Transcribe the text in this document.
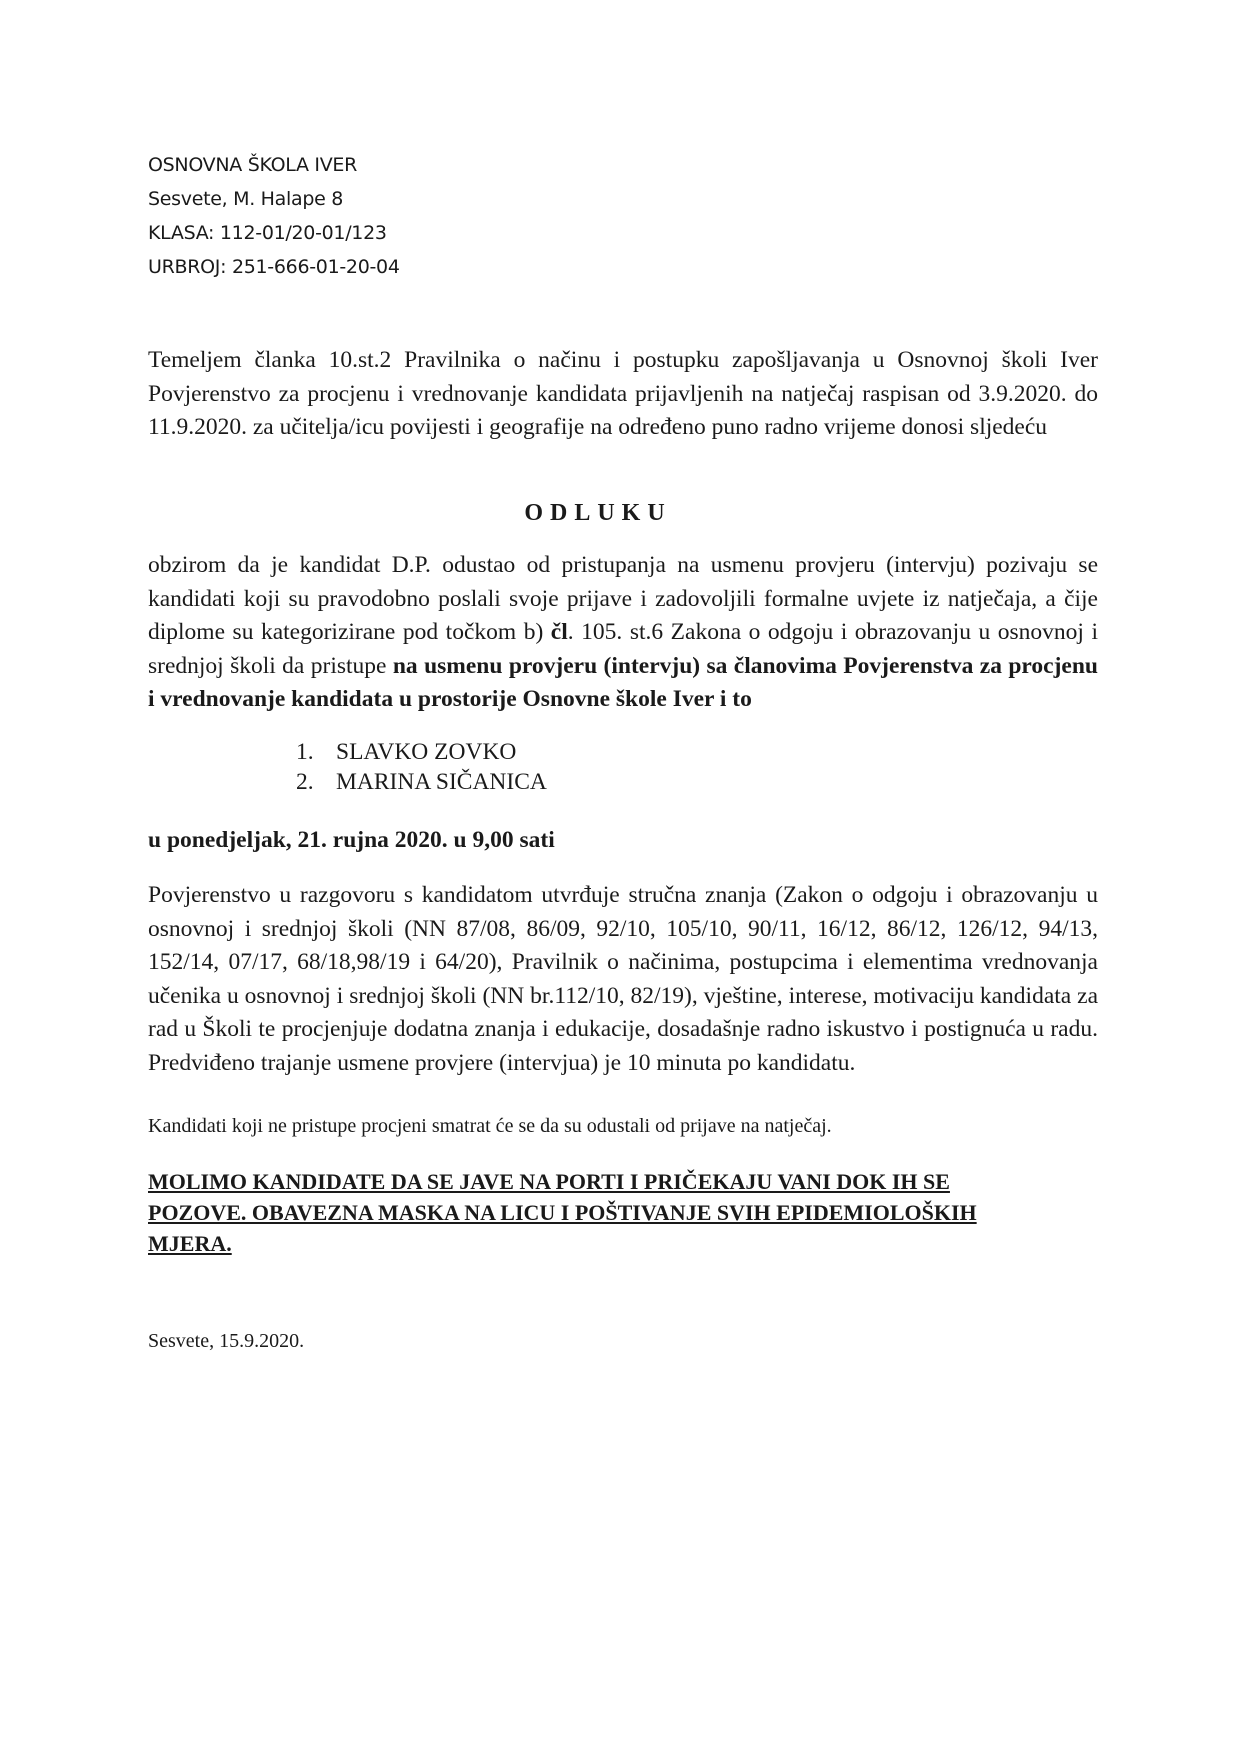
OSNOVNA ŠKOLA IVER
Sesvete, M. Halape 8
KLASA: 112-01/20-01/123
URBROJ: 251-666-01-20-04
Temeljem članka 10.st.2 Pravilnika o načinu i postupku zapošljavanja u Osnovnoj školi Iver Povjerenstvo za procjenu i vrednovanje kandidata prijavljenih na natječaj raspisan od 3.9.2020. do 11.9.2020. za učitelja/icu povijesti i geografije na određeno puno radno vrijeme donosi sljedeću
ODLUKU
obzirom da je kandidat D.P. odustao od pristupanja na usmenu provjeru (intervju) pozivaju se kandidati koji su pravodobno poslali svoje prijave i zadovoljili formalne uvjete iz natječaja, a čije diplome su kategorizirane pod točkom b) čl. 105. st.6 Zakona o odgoju i obrazovanju u osnovnoj i srednjoj školi da pristupe na usmenu provjeru (intervju) sa članovima Povjerenstva za procjenu i vrednovanje kandidata u prostorije Osnovne škole Iver i to
1. SLAVKO ZOVKO
2. MARINA SIČANICA
u ponedjeljak, 21. rujna 2020. u 9,00 sati
Povjerenstvo u razgovoru s kandidatom utvrđuje stručna znanja (Zakon o odgoju i obrazovanju u osnovnoj i srednjoj školi (NN 87/08, 86/09, 92/10, 105/10, 90/11, 16/12, 86/12, 126/12, 94/13, 152/14, 07/17, 68/18,98/19 i 64/20), Pravilnik o načinima, postupcima i elementima vrednovanja učenika u osnovnoj i srednjoj školi (NN br.112/10, 82/19), vještine, interese, motivaciju kandidata za rad u Školi te procjenjuje dodatna znanja i edukacije, dosadašnje radno iskustvo i postignuća u radu. Predviđeno trajanje usmene provjere (intervjua) je 10 minuta po kandidatu.
Kandidati koji ne pristupe procjeni smatrat će se da su odustali od prijave na natječaj.
MOLIMO KANDIDATE DA SE JAVE NA PORTI I PRIČEKAJU VANI DOK IH SE POZOVE. OBAVEZNA MASKA NA LICU I POŠTIVANJE SVIH EPIDEMIOLOŠKIH MJERA.
Sesvete, 15.9.2020.
